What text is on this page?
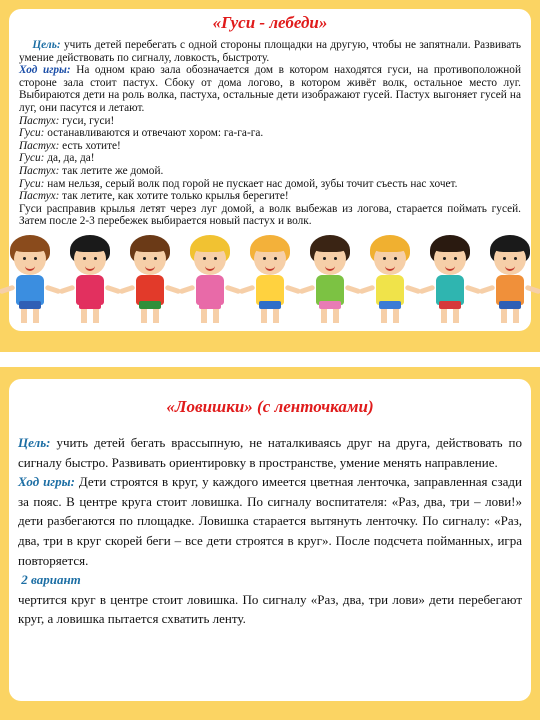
«Гуси - лебеди»

Цель: учить детей перебегать с одной стороны площадки на другую, чтобы не запятнали. Развивать умение действовать по сигналу, ловкость, быстроту.

Ход игры: На одном краю зала обозначается дом в котором находятся гуси, на противоположной стороне зала стоит пастух. Сбоку от дома логово, в котором живёт волк, остальное место луг. Выбираются дети на роль волка, пастуха, остальные дети изображают гусей. Пастух выгоняет гусей на луг, они пасутся и летают.

Пастух: гуси, гуси!

Гуси: останавливаются и отвечают хором: га-га-га.

Пастух: есть хотите!

Гуси: да, да, да!

Пастух: так летите же домой.

Гуси: нам нельзя, серый волк под горой не пускает нас домой, зубы точит съесть нас хочет.

Пастух: так летите, как хотите только крылья берегите!

Гуси расправив крылья летят через луг домой, а волк выбежав из логова, старается поймать гусей. Затем после 2-3 перебежек выбирается новый пастух и волк.

«Ловишки» (с ленточками)

Цель: учить детей бегать врассыпную, не наталкиваясь друг на друга, действовать по сигналу быстро. Развивать ориентировку в пространстве, умение менять направление.

Ход игры: Дети строятся в круг, у каждого имеется цветная ленточка, заправленная сзади за пояс. В центре круга стоит ловишка. По сигналу воспитателя: «Раз, два, три – лови!» дети разбегаются по площадке. Ловишка старается вытянуть ленточку. По сигналу: «Раз, два, три в круг скорей беги – все дети строятся в круг». После подсчета пойманных, игра повторяется.

2 вариант

чертится круг в центре стоит ловишка. По сигналу «Раз, два, три лови» дети перебегают круг, а ловишка пытается схватить ленту.
